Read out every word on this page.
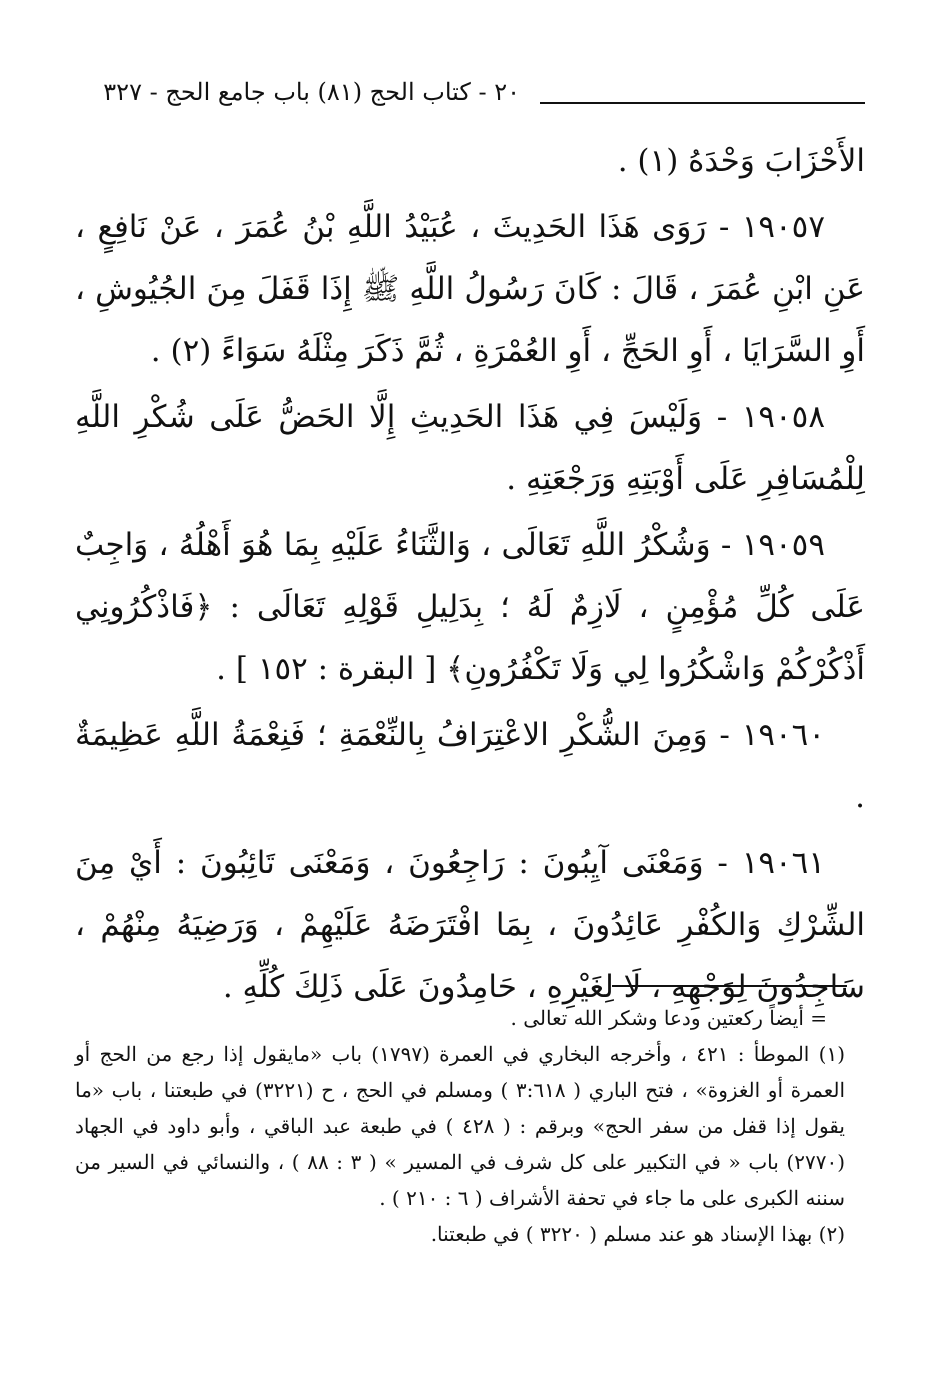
٢٠ - كتاب الحج (٨١) باب جامع الحج - ٣٢٧

الأَحْزَابَ وَحْدَهُ (١) .

١٩٠٥٧ - رَوَى هَذَا الحَدِيثَ ، عُبَيْدُ اللَّهِ بْنُ عُمَرَ ، عَنْ نَافِعٍ ، عَنِ ابْنِ عُمَرَ ، قَالَ : كَانَ رَسُولُ اللَّهِ ﷺ إِذَا قَفَلَ مِنَ الجُيُوشِ ، أَوِ السَّرَايَا ، أَوِ الحَجِّ ، أَوِ العُمْرَةِ ، ثُمَّ ذَكَرَ مِثْلَهُ سَوَاءً (٢) .

١٩٠٥٨ - وَلَيْسَ فِي هَذَا الحَدِيثِ إِلَّا الحَضُّ عَلَى شُكْرِ اللَّهِ لِلْمُسَافِرِ عَلَى أَوْبَتِهِ وَرَجْعَتِهِ .

١٩٠٥٩ - وَشُكْرُ اللَّهِ تَعَالَى ، وَالثَّنَاءُ عَلَيْهِ بِمَا هُوَ أَهْلُهُ ، وَاجِبٌ عَلَى كُلِّ مُؤْمِنٍ ، لَازِمٌ لَهُ ؛ بِدَلِيلِ قَوْلِهِ تَعَالَى : ﴿فَاذْكُرُونِي أَذْكُرْكُمْ وَاشْكُرُوا لِي وَلَا تَكْفُرُونِ﴾ [ البقرة : ١٥٢ ] .

١٩٠٦٠ - وَمِنَ الشُّكْرِ الاعْتِرَافُ بِالنِّعْمَةِ ؛ فَنِعْمَةُ اللَّهِ عَظِيمَةٌ .

١٩٠٦١ - وَمَعْنَى آيِبُونَ : رَاجِعُونَ ، وَمَعْنَى تَائِبُونَ : أَيْ مِنَ الشِّرْكِ وَالكُفْرِ عَائِدُونَ ، بِمَا افْتَرَضَهُ عَلَيْهِمْ ، وَرَضِيَهُ مِنْهُمْ ، سَاجِدُونَ لِوَجْهِهِ ، لَا لِغَيْرِهِ ، حَامِدُونَ عَلَى ذَلِكَ كُلِّهِ .

= أيضاً ركعتين ودعا وشكر الله تعالى .

(١) الموطأ : ٤٢١ ، وأخرجه البخاري في العمرة (١٧٩٧) باب «مايقول إذا رجع من الحج أو العمرة أو الغزوة» ، فتح الباري ( ٣:٦١٨ ) ومسلم في الحج ، ح (٣٢٢١) في طبعتنا ، باب «ما يقول إذا قفل من سفر الحج» وبرقم : ( ٤٢٨ ) في طبعة عبد الباقي ، وأبو داود في الجهاد (٢٧٧٠) باب « في التكبير على كل شرف في المسير » ( ٣ : ٨٨ ) ، والنسائي في السير من سننه الكبرى على ما جاء في تحفة الأشراف ( ٦ : ٢١٠ ) .

(٢) بهذا الإسناد هو عند مسلم ( ٣٢٢٠ ) في طبعتنا.
